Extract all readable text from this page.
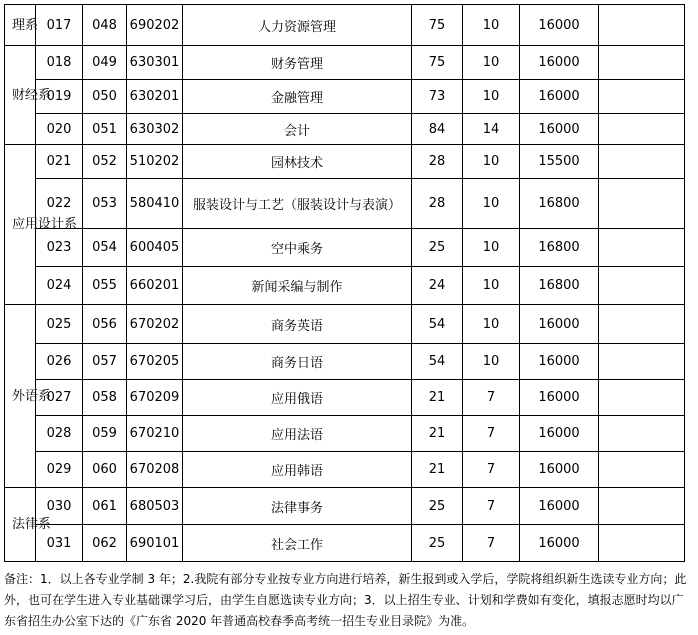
理系	017	048	690202	人力资源管理	75	10	16000	
财经系	018	049	630301	财务管理	75	10	16000	
	019	050	630201	金融管理	73	10	16000	
	020	051	630302	会计	84	14	16000	
应用设计系	021	052	510202	园林技术	28	10	15500	
	022	053	580410	服装设计与工艺（服装设计与表演）	28	10	16800	
	023	054	600405	空中乘务	25	10	16800	
	024	055	660201	新闻采编与制作	24	10	16800	
外语系	025	056	670202	商务英语	54	10	16000	
	026	057	670205	商务日语	54	10	16000	
	027	058	670209	应用俄语	21	7	16000	
	028	059	670210	应用法语	21	7	16000	
	029	060	670208	应用韩语	21	7	16000	
法律系	030	061	680503	法律事务	25	7	16000	
	031	062	690101	社会工作	25	7	16000	
备注：1．以上各专业学制 3 年；2.我院有部分专业按专业方向进行培养，新生报到或入学后，学院将组织新生选读专业方向；此外，也可在学生进入专业基础课学习后，由学生自愿选读专业方向；3．以上招生专业、计划和学费如有变化，填报志愿时均以广东省招生办公室下达的《广东省 2020 年普通高校春季高考统一招生专业目录院》为准。
